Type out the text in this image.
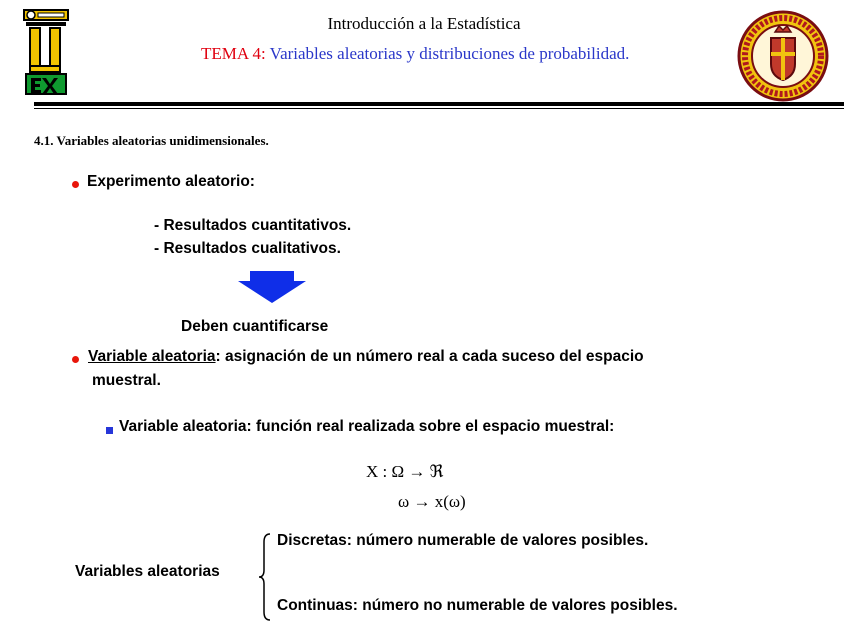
Introducción a la Estadística
TEMA 4: Variables aleatorias y distribuciones de probabilidad.
4.1. Variables aleatorias unidimensionales.
Experimento aleatorio:
- Resultados cuantitativos.
- Resultados cualitativos.
Deben cuantificarse
Variable aleatoria: asignación de un número real a cada suceso del espacio
muestral.
Variable aleatoria: función real realizada sobre el espacio muestral:
X : Ω → ℜ
ω → x(ω)
Variables aleatorias
Discretas: número numerable de valores posibles.
Continuas: número no numerable de valores posibles.
